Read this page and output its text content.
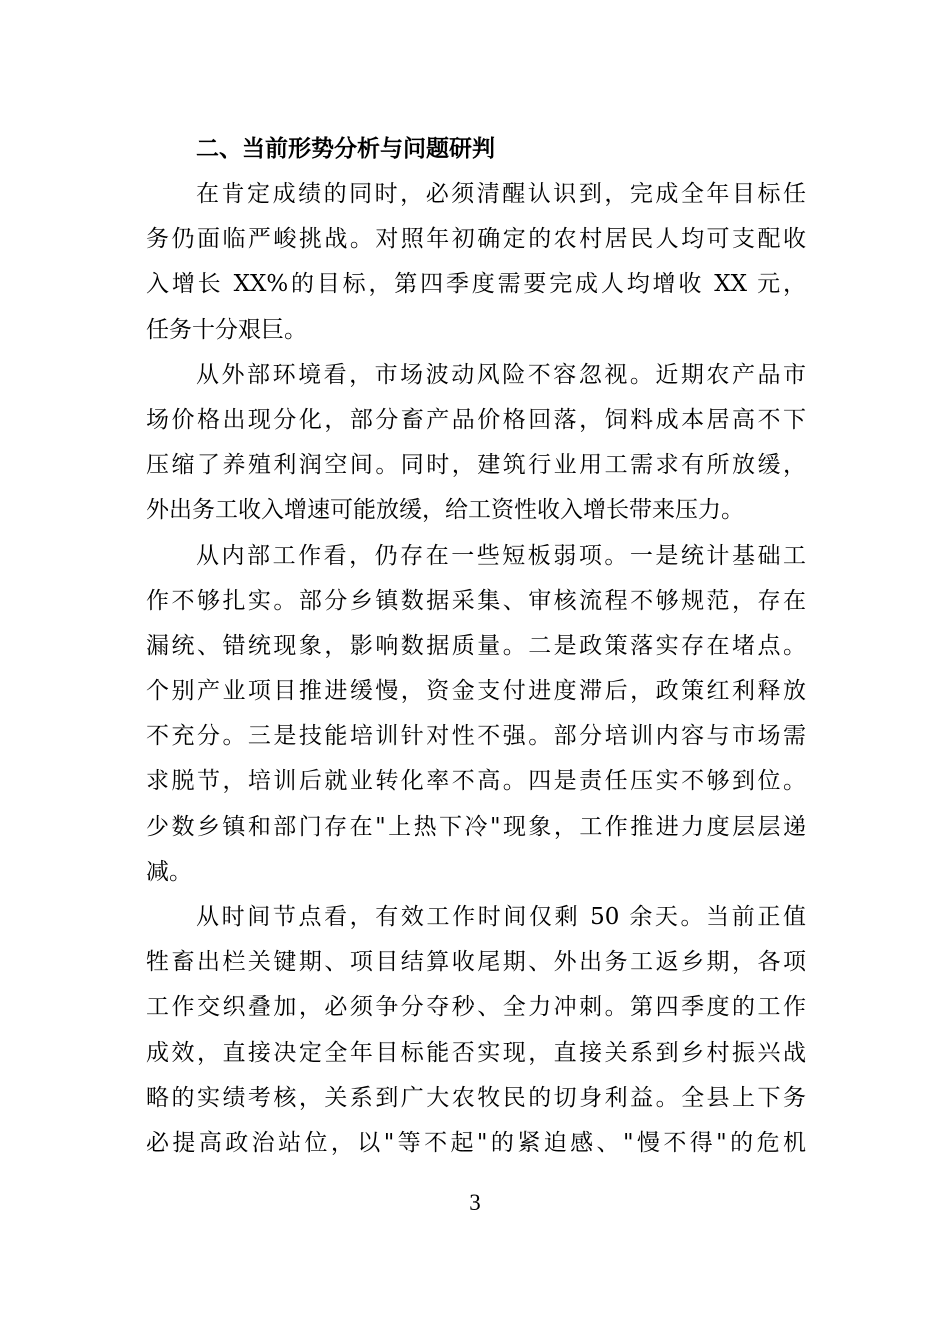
二、当前形势分析与问题研判

在肯定成绩的同时，必须清醒认识到，完成全年目标任

务仍面临严峻挑战。对照年初确定的农村居民人均可支配收

入增长 XX%的目标，第四季度需要完成人均增收 XX 元，

任务十分艰巨。

从外部环境看，市场波动风险不容忽视。近期农产品市

场价格出现分化，部分畜产品价格回落，饲料成本居高不下

压缩了养殖利润空间。同时，建筑行业用工需求有所放缓，

外出务工收入增速可能放缓，给工资性收入增长带来压力。

从内部工作看，仍存在一些短板弱项。一是统计基础工

作不够扎实。部分乡镇数据采集、审核流程不够规范，存在

漏统、错统现象，影响数据质量。二是政策落实存在堵点。

个别产业项目推进缓慢，资金支付进度滞后，政策红利释放

不充分。三是技能培训针对性不强。部分培训内容与市场需

求脱节，培训后就业转化率不高。四是责任压实不够到位。

少数乡镇和部门存在"上热下冷"现象，工作推进力度层层递

减。

从时间节点看，有效工作时间仅剩 50 余天。当前正值

牲畜出栏关键期、项目结算收尾期、外出务工返乡期，各项

工作交织叠加，必须争分夺秒、全力冲刺。第四季度的工作

成效，直接决定全年目标能否实现，直接关系到乡村振兴战

略的实绩考核，关系到广大农牧民的切身利益。全县上下务

必提高政治站位，以"等不起"的紧迫感、"慢不得"的危机

3
